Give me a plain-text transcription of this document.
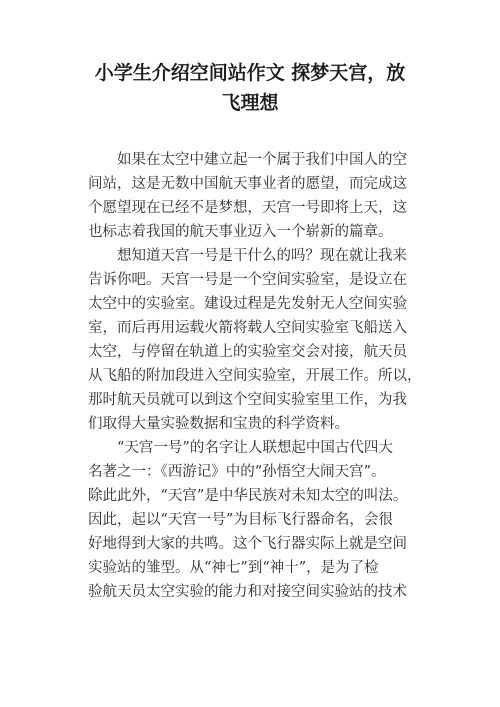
小学生介绍空间站作文 探梦天宫，放
飞理想
　　如果在太空中建立起一个属于我们中国人的空
间站，这是无数中国航天事业者的愿望，而完成这
个愿望现在已经不是梦想，天宫一号即将上天，这
也标志着我国的航天事业迈入一个崭新的篇章。
　　想知道天宫一号是干什么的吗？现在就让我来
告诉你吧。天宫一号是一个空间实验室，是设立在
太空中的实验室。建设过程是先发射无人空间实验
室，而后再用运载火箭将载人空间实验室飞船送入
太空，与停留在轨道上的实验室交会对接，航天员
从飞船的附加段进入空间实验室，开展工作。所以，
那时航天员就可以到这个空间实验室里工作，为我
们取得大量实验数据和宝贵的科学资料。
　　“天宫一号”的名字让人联想起中国古代四大
名著之一：《西游记》中的“孙悟空大闹天宫”。
除此此外，“天宫”是中华民族对未知太空的叫法。
因此，起以“天宫一号”为目标飞行器命名，会很
好地得到大家的共鸣。这个飞行器实际上就是空间
实验站的雏型。从“神七”到“神十”，是为了检
验航天员太空实验的能力和对接空间实验站的技术
